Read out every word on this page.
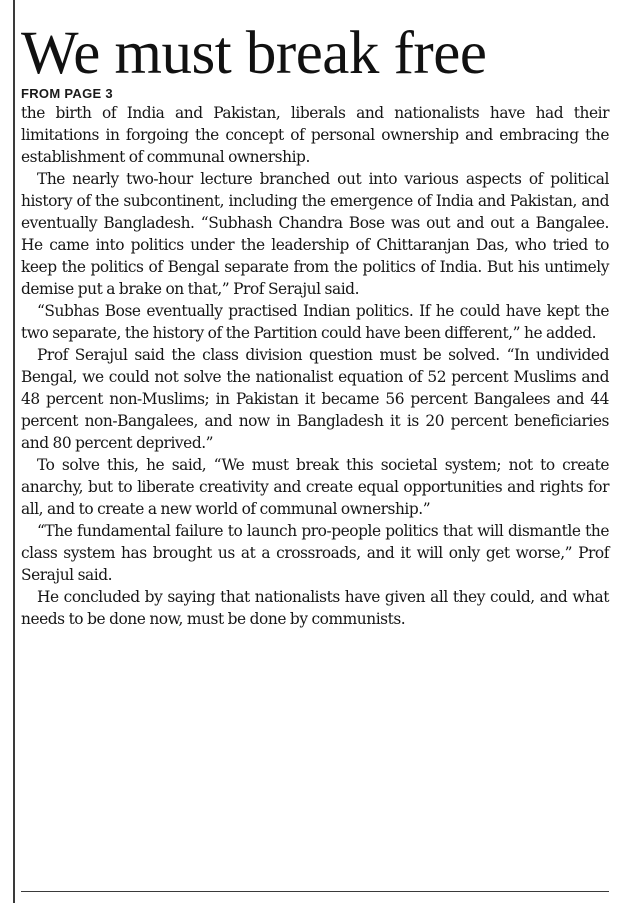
We must break free
FROM PAGE 3

the birth of India and Pakistan, liberals and nationalists have had their limitations in forgoing the concept of personal ownership and embracing the establishment of communal ownership.

The nearly two-hour lecture branched out into various aspects of political history of the subcontinent, including the emergence of India and Pakistan, and eventually Bangladesh. “Subhash Chandra Bose was out and out a Bangalee. He came into politics under the leadership of Chittaranjan Das, who tried to keep the politics of Bengal separate from the politics of India. But his untimely demise put a brake on that,” Prof Serajul said.

“Subhas Bose eventually practised Indian politics. If he could have kept the two separate, the history of the Partition could have been different,” he added.

Prof Serajul said the class division question must be solved. “In undivided Bengal, we could not solve the nationalist equation of 52 percent Muslims and 48 percent non-Muslims; in Pakistan it became 56 percent Bangalees and 44 percent non-Bangalees, and now in Bangladesh it is 20 percent beneficiaries and 80 percent deprived.”

To solve this, he said, “We must break this societal system; not to create anarchy, but to liberate creativity and create equal opportunities and rights for all, and to create a new world of communal ownership.”

“The fundamental failure to launch pro-people politics that will dismantle the class system has brought us at a crossroads, and it will only get worse,” Prof Serajul said.

He concluded by saying that nationalists have given all they could, and what needs to be done now, must be done by communists.
